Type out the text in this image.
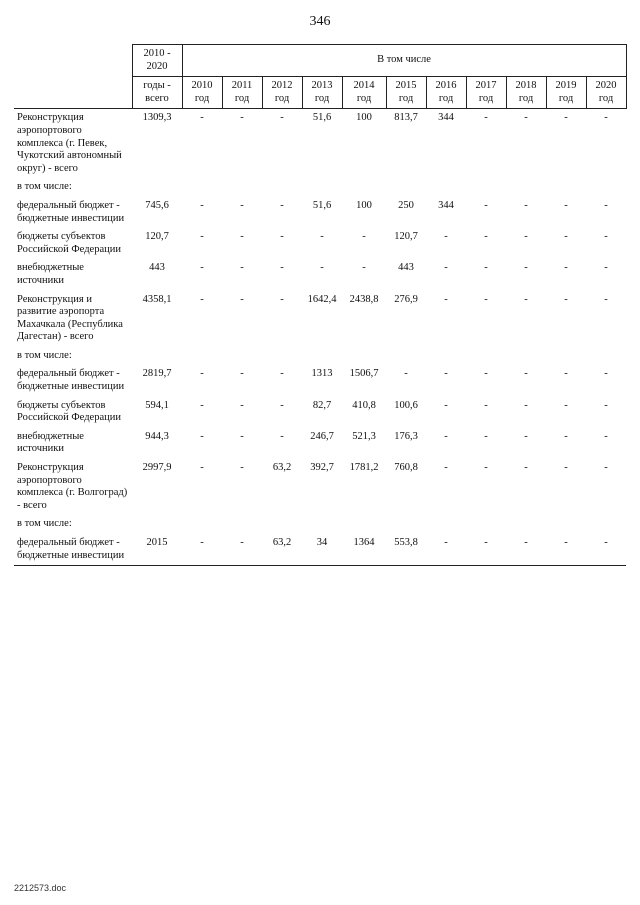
346
	2010 - 2020	В том числе										
	годы - всего	2010 год	2011 год	2012 год	2013 год	2014 год	2015 год	2016 год	2017 год	2018 год	2019 год	2020 год
Реконструкция аэропортового комплекса (г. Певек, Чукотский автономный округ) - всего	1309,3	-	-	-	51,6	100	813,7	344	-	-	-	-
в том числе:												
федеральный бюджет - бюджетные инвестиции	745,6	-	-	-	51,6	100	250	344	-	-	-	-
бюджеты субъектов Российской Федерации	120,7	-	-	-	-	-	120,7	-	-	-	-	-
внебюджетные источники	443	-	-	-	-	-	443	-	-	-	-	-
Реконструкция и развитие аэропорта Махачкала (Республика Дагестан) - всего	4358,1	-	-	-	1642,4	2438,8	276,9	-	-	-	-	-
в том числе:												
федеральный бюджет - бюджетные инвестиции	2819,7	-	-	-	1313	1506,7	-	-	-	-	-	-
бюджеты субъектов Российской Федерации	594,1	-	-	-	82,7	410,8	100,6	-	-	-	-	-
внебюджетные источники	944,3	-	-	-	246,7	521,3	176,3	-	-	-	-	-
Реконструкция аэропортового комплекса (г. Волгоград) - всего	2997,9	-	-	63,2	392,7	1781,2	760,8	-	-	-	-	-
в том числе:												
федеральный бюджет - бюджетные инвестиции	2015	-	-	63,2	34	1364	553,8	-	-	-	-	-
2212573.doc
